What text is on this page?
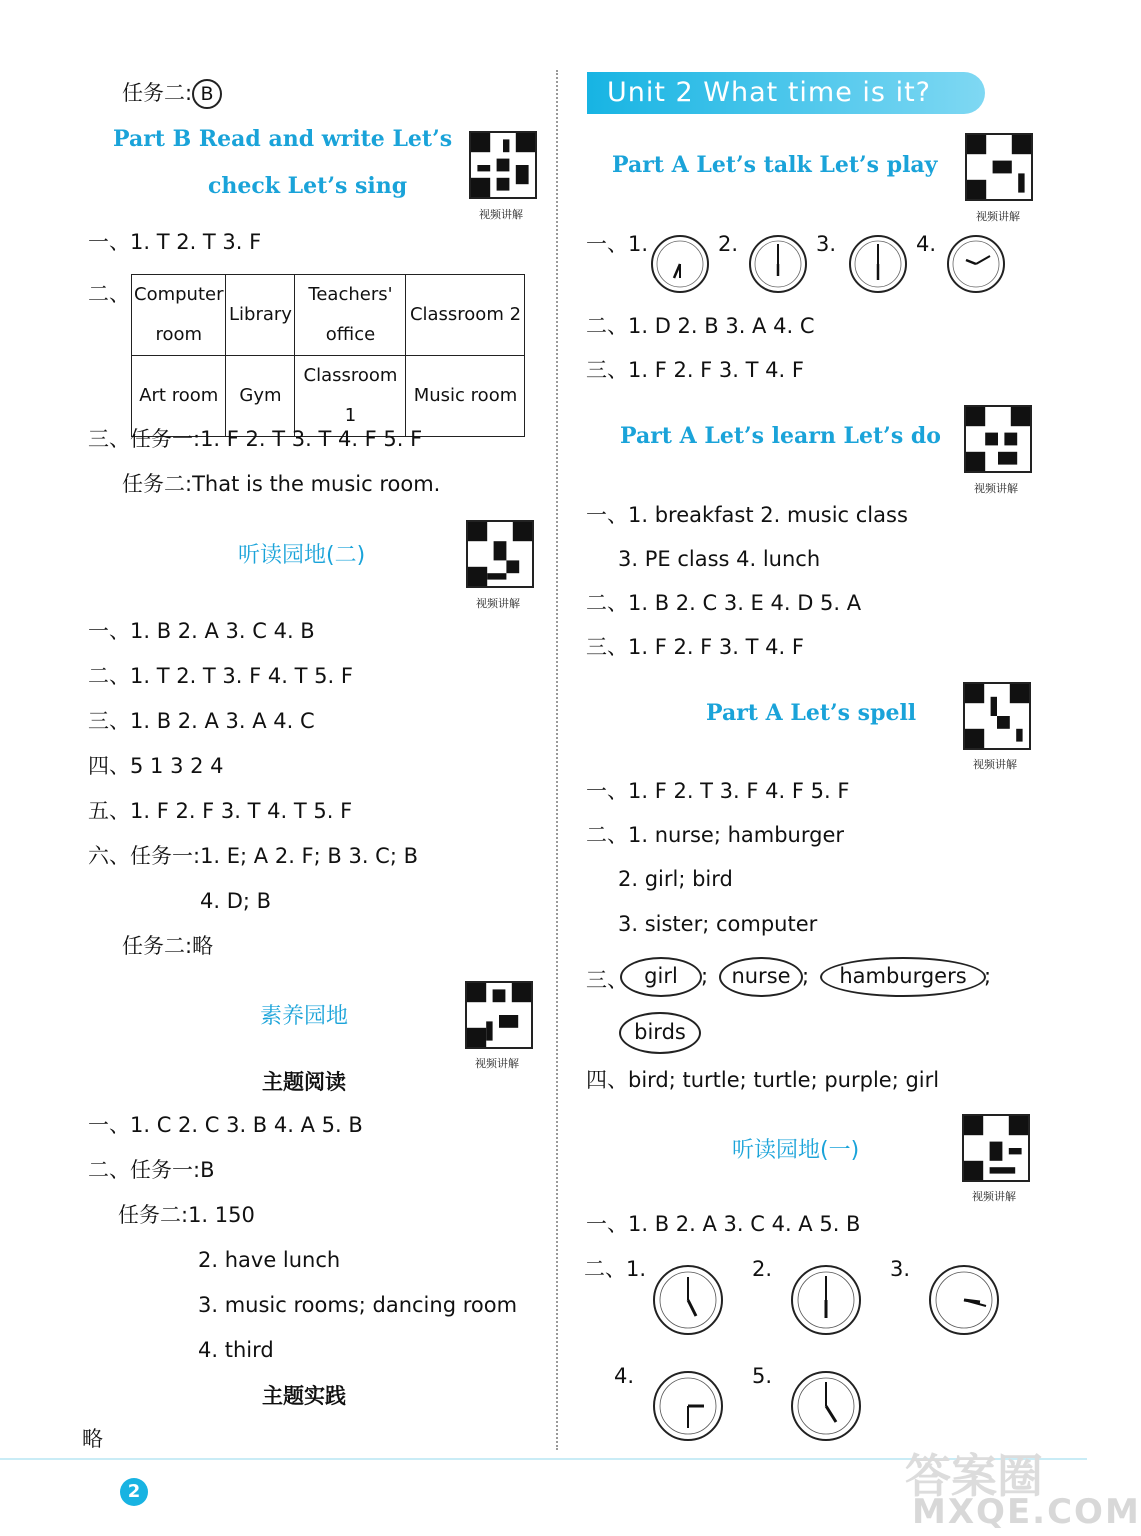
任务二: B
Part B Read and write Let’s
check Let’s sing
一、1. T 2. T 3. F
二、 Computer room	Library	Teachers' office	Classroom 2
Art room	Gym	Classroom 1	Music room
三、任务一:1. F 2. T 3. T 4. F 5. F
任务二:That is the music room.
听读园地(二)
一、1. B 2. A 3. C 4. B
二、1. T 2. T 3. F 4. T 5. F
三、1. B 2. A 3. A 4. C
四、5 1 3 2 4
五、1. F 2. F 3. T 4. T 5. F
六、任务一:1. E; A 2. F; B 3. C; B
4. D; B
任务二:略
素养园地
主题阅读
一、1. C 2. C 3. B 4. A 5. B
二、任务一:B
任务二:1. 150
2. have lunch
3. music rooms; dancing room
4. third
主题实践
略
视频讲解
视频讲解
视频讲解
Unit 2 What time is it?
Part A Let’s talk Let’s play
视频讲解
一、1.	2.	3.	4.
二、1. D 2. B 3. A 4. C
三、1. F 2. F 3. T 4. F
Part A Let’s learn Let’s do
视频讲解
一、1. breakfast 2. music class
3. PE class 4. lunch
二、1. B 2. C 3. E 4. D 5. A
三、1. F 2. F 3. T 4. F
Part A Let’s spell
视频讲解
一、1. F 2. T 3. F 4. F 5. F
二、1. nurse; hamburger
2. girl; bird
3. sister; computer
三、 girl	;	nurse ;	hamburgers ;
birds
四、bird; turtle; turtle; purple; girl
听读园地(一)
视频讲解
一、1. B 2. A 3. C 4. A 5. B
二、1.	2.	3.
4.	5.
2	答案圈
MXQE.COM
